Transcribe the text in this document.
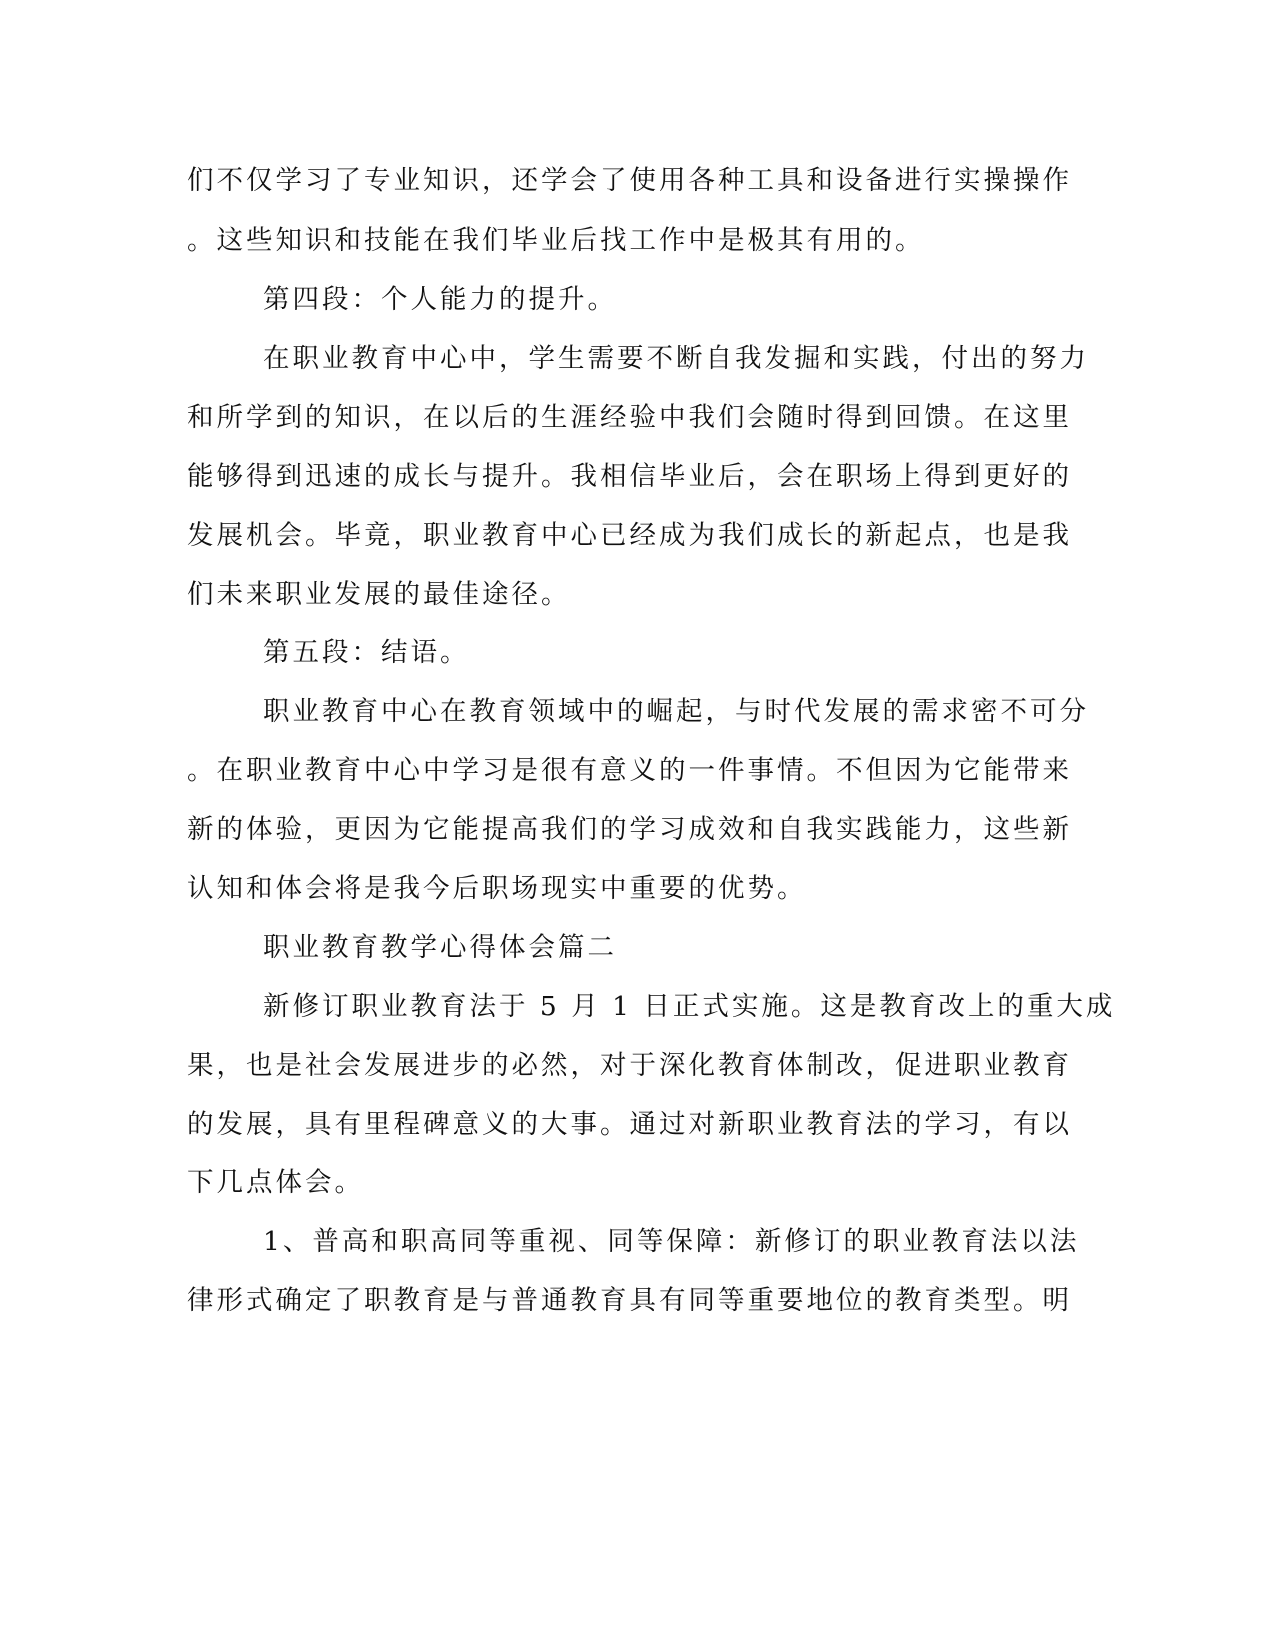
们不仅学习了专业知识，还学会了使用各种工具和设备进行实操操作
。这些知识和技能在我们毕业后找工作中是极其有用的。
第四段：个人能力的提升。
在职业教育中心中，学生需要不断自我发掘和实践，付出的努力
和所学到的知识，在以后的生涯经验中我们会随时得到回馈。在这里
能够得到迅速的成长与提升。我相信毕业后，会在职场上得到更好的
发展机会。毕竟，职业教育中心已经成为我们成长的新起点，也是我
们未来职业发展的最佳途径。
第五段：结语。
职业教育中心在教育领域中的崛起，与时代发展的需求密不可分
。在职业教育中心中学习是很有意义的一件事情。不但因为它能带来
新的体验，更因为它能提高我们的学习成效和自我实践能力，这些新
认知和体会将是我今后职场现实中重要的优势。
职业教育教学心得体会篇二
新修订职业教育法于 5 月 1 日正式实施。这是教育改上的重大成
果，也是社会发展进步的必然，对于深化教育体制改，促进职业教育
的发展，具有里程碑意义的大事。通过对新职业教育法的学习，有以
下几点体会。
1、普高和职高同等重视、同等保障：新修订的职业教育法以法
律形式确定了职教育是与普通教育具有同等重要地位的教育类型。明
